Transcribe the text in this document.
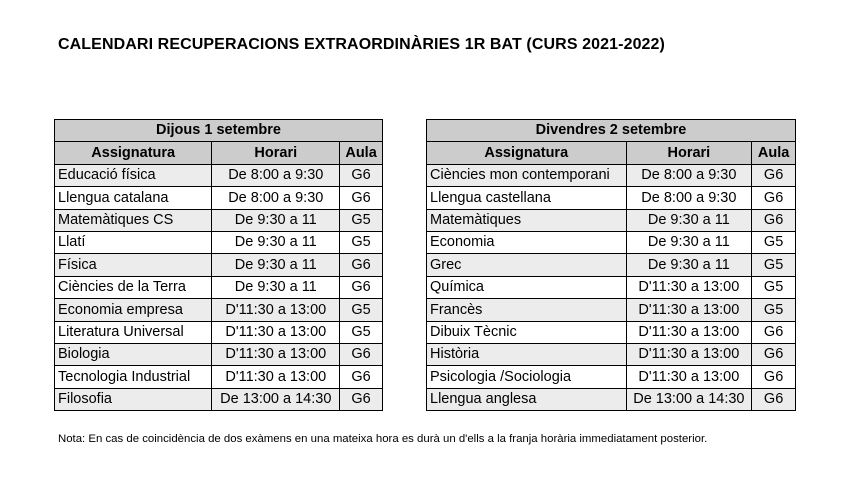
CALENDARI RECUPERACIONS EXTRAORDINÀRIES 1R BAT (CURS 2021-2022)
Dijous 1 setembre		
Assignatura	Horari	Aula
Educació física	De 8:00 a 9:30	G6
Llengua catalana	De 8:00 a 9:30	G6
Matemàtiques CS	De 9:30 a 11	G5
Llatí	De 9:30 a 11	G5
Física	De 9:30 a 11	G6
Ciències de la Terra	De 9:30 a 11	G6
Economia empresa	D'11:30 a 13:00	G5
Literatura Universal	D'11:30 a 13:00	G5
Biologia	D'11:30 a 13:00	G6
Tecnologia Industrial	D'11:30 a 13:00	G6
Filosofia	De 13:00 a 14:30	G6
Divendres 2 setembre		
Assignatura	Horari	Aula
Ciències mon contemporani	De 8:00 a 9:30	G6
Llengua castellana	De 8:00 a 9:30	G6
Matemàtiques	De 9:30 a 11	G6
Economia	De 9:30 a 11	G5
Grec	De 9:30 a 11	G5
Química	D'11:30 a 13:00	G5
Francès	D'11:30 a 13:00	G5
Dibuix Tècnic	D'11:30 a 13:00	G6
Història	D'11:30 a 13:00	G6
Psicologia /Sociologia	D'11:30 a 13:00	G6
Llengua anglesa	De 13:00 a 14:30	G6
Nota: En cas de coincidència de dos exàmens en una mateixa hora es durà un d'ells a la franja horària immediatament posterior.
